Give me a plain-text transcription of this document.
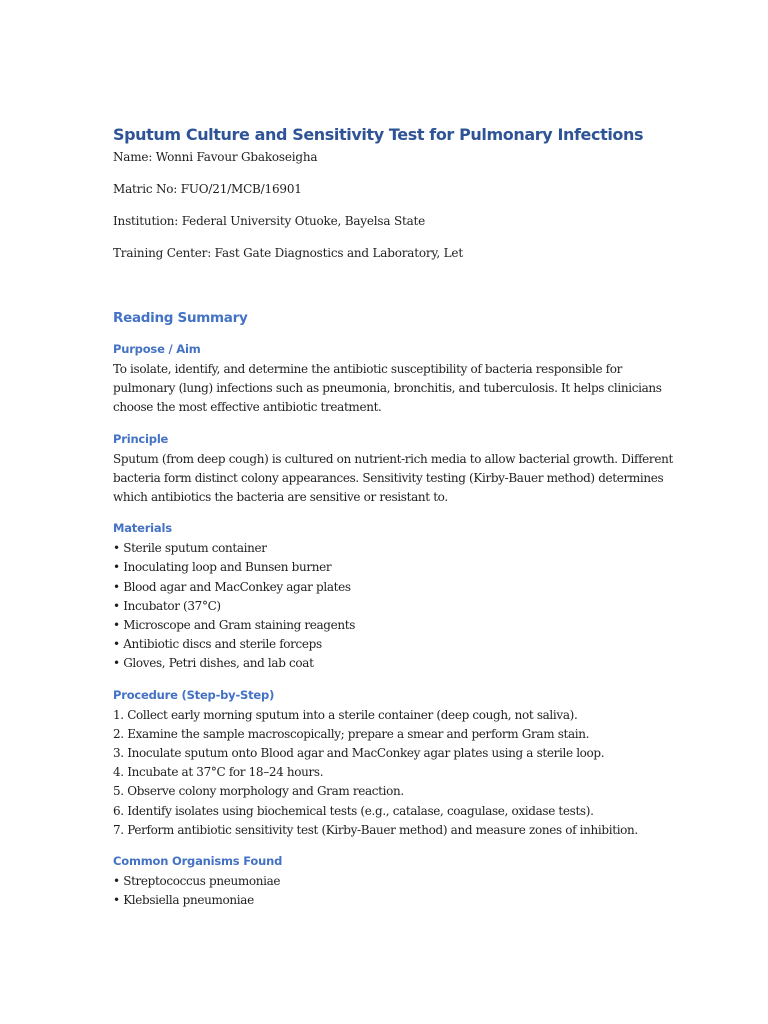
Sputum Culture and Sensitivity Test for Pulmonary Infections

Name: Wonni Favour Gbakoseigha

Matric No: FUO/21/MCB/16901

Institution: Federal University Otuoke, Bayelsa State

Training Center: Fast Gate Diagnostics and Laboratory, Let

Reading Summary
Purpose / Aim

To isolate, identify, and determine the antibiotic susceptibility of bacteria responsible for pulmonary (lung) infections such as pneumonia, bronchitis, and tuberculosis. It helps clinicians choose the most effective antibiotic treatment.

Principle

Sputum (from deep cough) is cultured on nutrient-rich media to allow bacterial growth. Different bacteria form distinct colony appearances. Sensitivity testing (Kirby-Bauer method) determines which antibiotics the bacteria are sensitive or resistant to.

Materials
• Sterile sputum container
• Inoculating loop and Bunsen burner
• Blood agar and MacConkey agar plates
• Incubator (37°C)
• Microscope and Gram staining reagents
• Antibiotic discs and sterile forceps
• Gloves, Petri dishes, and lab coat
Procedure (Step-by-Step)
1. Collect early morning sputum into a sterile container (deep cough, not saliva).
2. Examine the sample macroscopically; prepare a smear and perform Gram stain.
3. Inoculate sputum onto Blood agar and MacConkey agar plates using a sterile loop.
4. Incubate at 37°C for 18–24 hours.
5. Observe colony morphology and Gram reaction.
6. Identify isolates using biochemical tests (e.g., catalase, coagulase, oxidase tests).
7. Perform antibiotic sensitivity test (Kirby-Bauer method) and measure zones of inhibition.
Common Organisms Found
• Streptococcus pneumoniae
• Klebsiella pneumoniae
